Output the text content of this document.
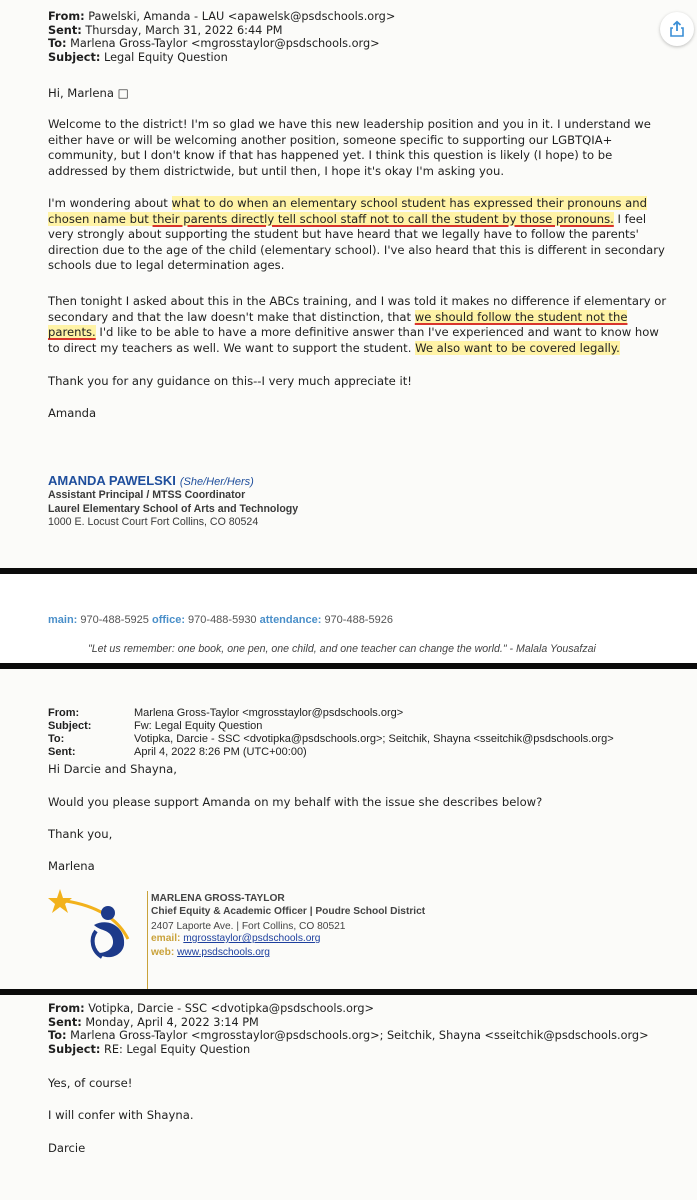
From: Pawelski, Amanda - LAU <apawelsk@psdschools.org>
Sent: Thursday, March 31, 2022 6:44 PM
To: Marlena Gross-Taylor <mgrosstaylor@psdschools.org>
Subject: Legal Equity Question

Hi, Marlena □

Welcome to the district! I'm so glad we have this new leadership position and you in it. I understand we either have or will be welcoming another position, someone specific to supporting our LGBTQIA+ community, but I don't know if that has happened yet. I think this question is likely (I hope) to be addressed by them districtwide, but until then, I hope it's okay I'm asking you.

I'm wondering about what to do when an elementary school student has expressed their pronouns and chosen name but their parents directly tell school staff not to call the student by those pronouns. I feel very strongly about supporting the student but have heard that we legally have to follow the parents' direction due to the age of the child (elementary school). I've also heard that this is different in secondary schools due to legal determination ages.

Then tonight I asked about this in the ABCs training, and I was told it makes no difference if elementary or secondary and that the law doesn't make that distinction, that we should follow the student not the parents. I'd like to be able to have a more definitive answer than I've experienced and want to know how to direct my teachers as well. We want to support the student. We also want to be covered legally.

Thank you for any guidance on this--I very much appreciate it!

Amanda

AMANDA PAWELSKI (She/Her/Hers)
Assistant Principal / MTSS Coordinator
Laurel Elementary School of Arts and Technology
1000 E. Locust Court Fort Collins, CO 80524
main: 970-488-5925 office: 970-488-5930 attendance: 970-488-5926
"Let us remember: one book, one pen, one child, and one teacher can change the world." - Malala Yousafzai
From:	Marlena Gross-Taylor <mgrosstaylor@psdschools.org>
Subject:	Fw: Legal Equity Question
To:	Votipka, Darcie - SSC <dvotipka@psdschools.org>; Seitchik, Shayna <sseitchik@psdschools.org>
Sent:	April 4, 2022 8:26 PM (UTC+00:00)

Hi Darcie and Shayna,

Would you please support Amanda on my behalf with the issue she describes below?

Thank you,

Marlena

MARLENA GROSS-TAYLOR
Chief Equity & Academic Officer | Poudre School District
2407 Laporte Ave. | Fort Collins, CO 80521
email: mgrosstaylor@psdschools.org
web: www.psdschools.org
From: Votipka, Darcie - SSC <dvotipka@psdschools.org>
Sent: Monday, April 4, 2022 3:14 PM
To: Marlena Gross-Taylor <mgrosstaylor@psdschools.org>; Seitchik, Shayna <sseitchik@psdschools.org>
Subject: RE: Legal Equity Question

Yes, of course!

I will confer with Shayna.

Darcie
